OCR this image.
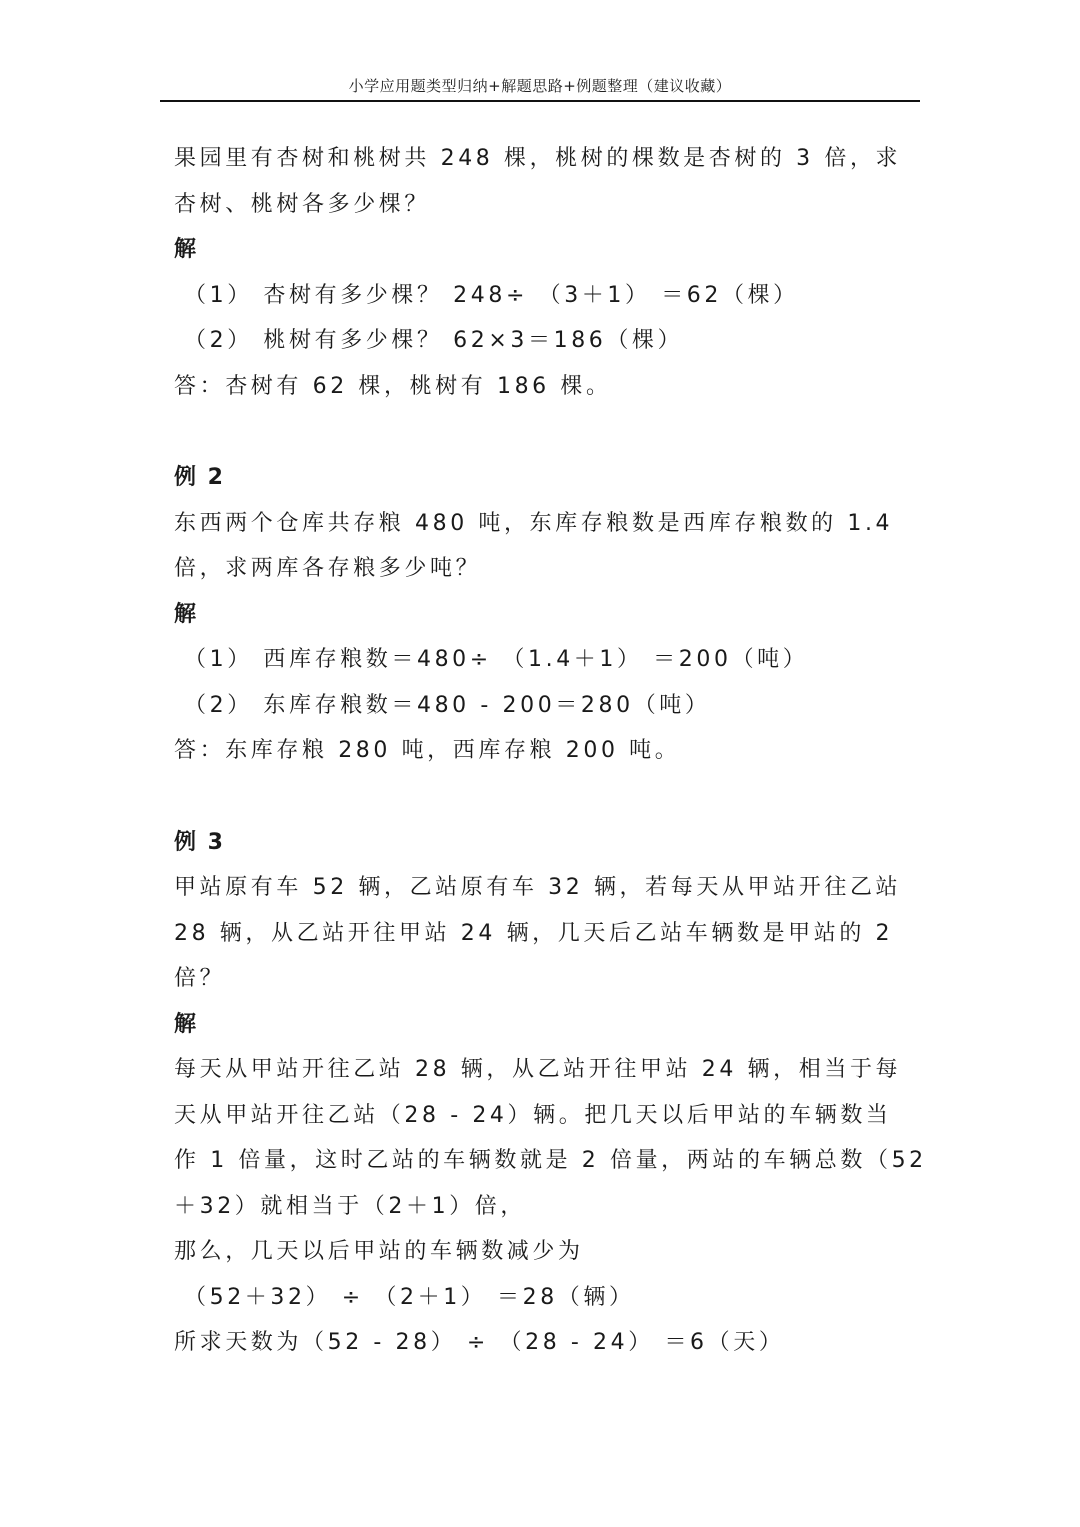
小学应用题类型归纳+解题思路+例题整理（建议收藏）
果园里有杏树和桃树共 248 棵，桃树的棵数是杏树的 3 倍，求
杏树、桃树各多少棵？
解
（1） 杏树有多少棵？ 248÷ （3＋1） ＝62（棵）
（2） 桃树有多少棵？ 62×3＝186（棵）
答：杏树有 62 棵，桃树有 186 棵。
例 2
东西两个仓库共存粮 480 吨，东库存粮数是西库存粮数的 1.4
倍，求两库各存粮多少吨？
解
（1） 西库存粮数＝480÷ （1.4＋1） ＝200（吨）
（2） 东库存粮数＝480 - 200＝280（吨）
答：东库存粮 280 吨，西库存粮 200 吨。
例 3
甲站原有车 52 辆，乙站原有车 32 辆，若每天从甲站开往乙站
28 辆，从乙站开往甲站 24 辆，几天后乙站车辆数是甲站的 2
倍？
解
每天从甲站开往乙站 28 辆，从乙站开往甲站 24 辆，相当于每
天从甲站开往乙站（28 - 24）辆。把几天以后甲站的车辆数当
作 1 倍量，这时乙站的车辆数就是 2 倍量，两站的车辆总数（52
＋32）就相当于（2＋1）倍，
那么，几天以后甲站的车辆数减少为
（52＋32） ÷ （2＋1） ＝28（辆）
所求天数为（52 - 28） ÷ （28 - 24） ＝6（天）
